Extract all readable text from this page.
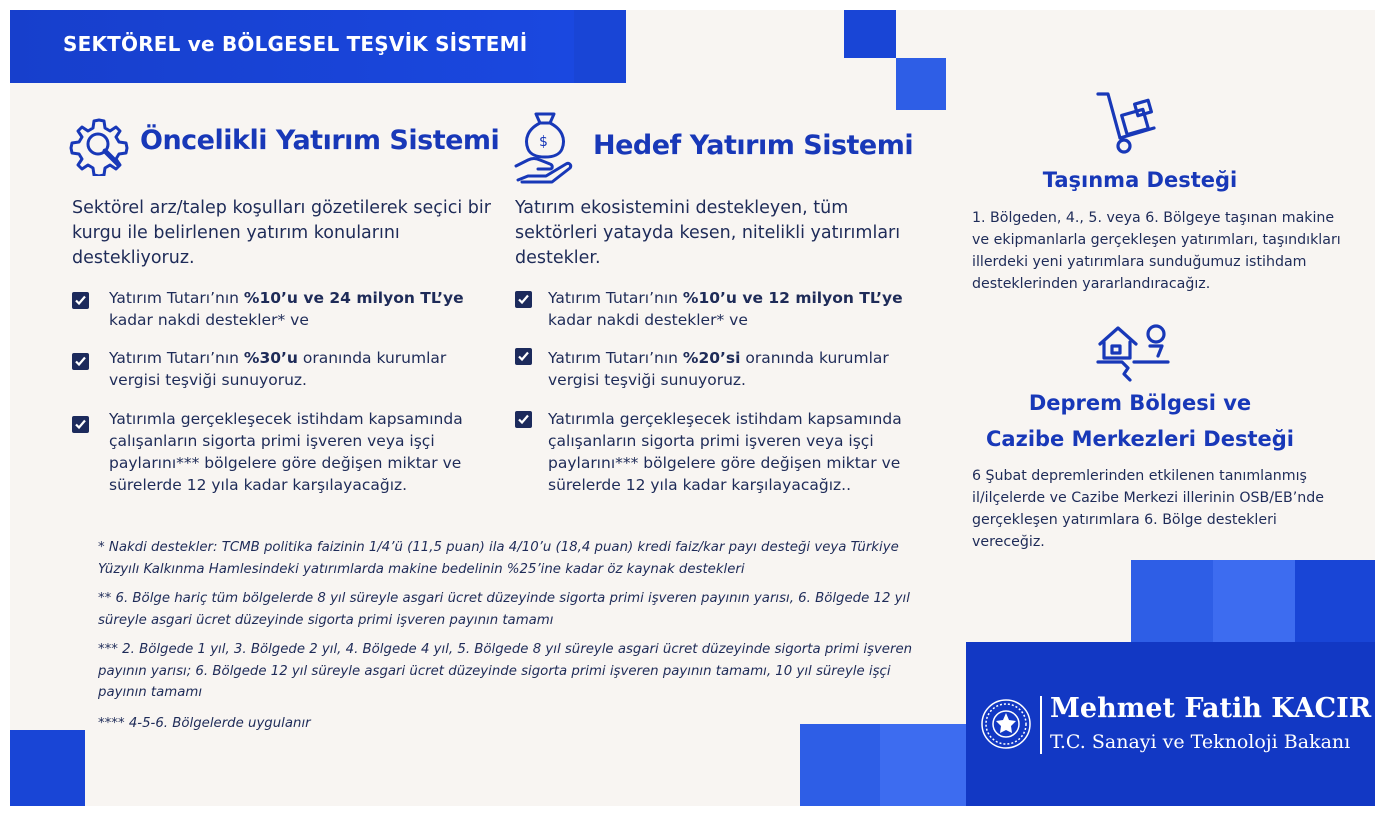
SEKTÖREL ve BÖLGESEL TEŞVİK SİSTEMİ
Öncelikli Yatırım Sistemi
Sektörel arz/talep koşulları gözetilerek seçici bir kurgu ile belirlenen yatırım konularını destekliyoruz.
Yatırım Tutarı’nın %10’u ve 24 milyon TL’ye kadar nakdi destekler* ve
Yatırım Tutarı’nın %30’u oranında kurumlar vergisi teşviği sunuyoruz.
Yatırımla gerçekleşecek istihdam kapsamında çalışanların sigorta primi işveren veya işçi paylarını*** bölgelere göre değişen miktar ve sürelerde 12 yıla kadar karşılayacağız.
$ Hedef Yatırım Sistemi
Yatırım ekosistemini destekleyen, tüm sektörleri yatayda kesen, nitelikli yatırımları destekler.
Yatırım Tutarı’nın %10’u ve 12 milyon TL’ye kadar nakdi destekler* ve
Yatırım Tutarı’nın %20’si oranında kurumlar vergisi teşviği sunuyoruz.
Yatırımla gerçekleşecek istihdam kapsamında çalışanların sigorta primi işveren veya işçi paylarını*** bölgelere göre değişen miktar ve sürelerde 12 yıla kadar karşılayacağız..
* Nakdi destekler: TCMB politika faizinin 1/4’ü (11,5 puan) ila 4/10’u (18,4 puan) kredi faiz/kar payı desteği veya Türkiye Yüzyılı Kalkınma Hamlesindeki yatırımlarda makine bedelinin %25’ine kadar öz kaynak destekleri
** 6. Bölge hariç tüm bölgelerde 8 yıl süreyle asgari ücret düzeyinde sigorta primi işveren payının yarısı, 6. Bölgede 12 yıl süreyle asgari ücret düzeyinde sigorta primi işveren payının tamamı
*** 2. Bölgede 1 yıl, 3. Bölgede 2 yıl, 4. Bölgede 4 yıl, 5. Bölgede 8 yıl süreyle asgari ücret düzeyinde sigorta primi işveren payının yarısı; 6. Bölgede 12 yıl süreyle asgari ücret düzeyinde sigorta primi işveren payının tamamı, 10 yıl süreyle işçi payının tamamı
**** 4-5-6. Bölgelerde uygulanır
Taşınma Desteği
1. Bölgeden, 4., 5. veya 6. Bölgeye taşınan makine ve ekipmanlarla gerçekleşen yatırımları, taşındıkları illerdeki yeni yatırımlara sunduğumuz istihdam desteklerinden yararlandıracağız.
Deprem Bölgesi ve
Cazibe Merkezleri Desteği
6 Şubat depremlerinden etkilenen tanımlanmış il/ilçelerde ve Cazibe Merkezi illerinin OSB/EB’nde gerçekleşen yatırımlara 6. Bölge destekleri vereceğiz.
Mehmet Fatih KACIR
T.C. Sanayi ve Teknoloji Bakanı
